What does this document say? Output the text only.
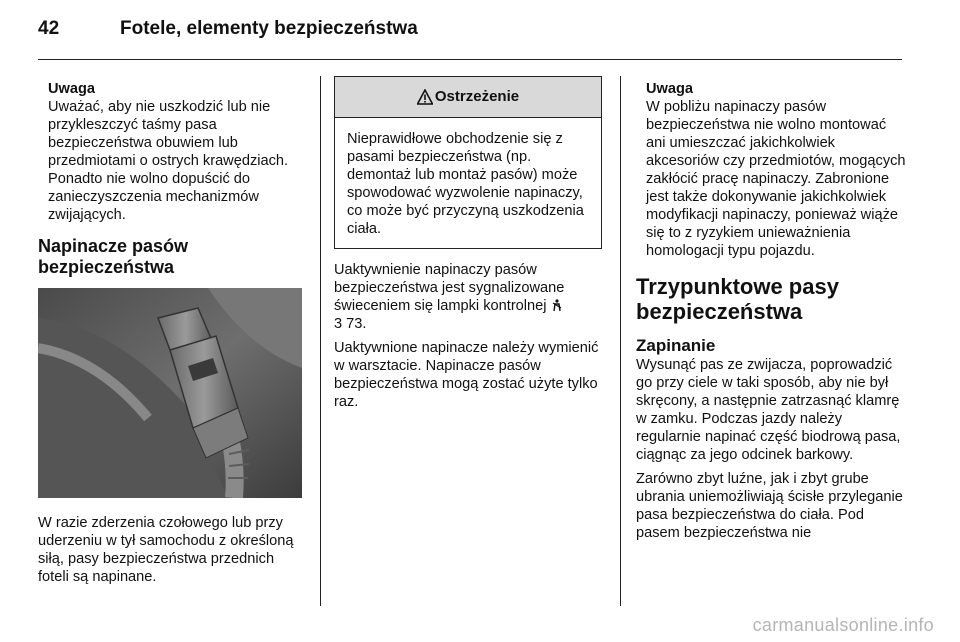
42	Fotele, elementy bezpieczeństwa
Uwaga
Uważać, aby nie uszkodzić lub nie przykleszczyć taśmy pasa bezpieczeństwa obuwiem lub przedmiotami o ostrych krawędziach. Ponadto nie wolno dopuścić do zanieczyszczenia mechanizmów zwijających.
Napinacze pasów bezpieczeństwa

W razie zderzenia czołowego lub przy uderzeniu w tył samochodu z określoną siłą, pasy bezpieczeństwa przednich foteli są napinane.

Ostrzeżenie
Nieprawidłowe obchodzenie się z pasami bezpieczeństwa (np. demontaż lub montaż pasów) może spowodować wyzwolenie napinaczy, co może być przyczyną uszkodzenia ciała.

Uaktywnienie napinaczy pasów bezpieczeństwa jest sygnalizowane świeceniem się lampki kontrolnej
3 73.

Uaktywnione napinacze należy wymienić w warsztacie. Napinacze pasów bezpieczeństwa mogą zostać użyte tylko raz.

Uwaga
W pobliżu napinaczy pasów bezpieczeństwa nie wolno montować ani umieszczać jakichkolwiek akcesoriów czy przedmiotów, mogących zakłócić pracę napinaczy. Zabronione jest także dokonywanie jakichkolwiek modyfikacji napinaczy, ponieważ wiąże się to z ryzykiem unieważnienia homologacji typu pojazdu.
Trzypunktowe pasy bezpieczeństwa
Zapinanie

Wysunąć pas ze zwijacza, poprowadzić go przy ciele w taki sposób, aby nie był skręcony, a następnie zatrzasnąć klamrę w zamku. Podczas jazdy należy regularnie napinać część biodrową pasa, ciągnąc za jego odcinek barkowy.

Zarówno zbyt luźne, jak i zbyt grube ubrania uniemożliwiają ścisłe przyleganie pasa bezpieczeństwa do ciała. Pod pasem bezpieczeństwa nie

carmanualsonline.info
